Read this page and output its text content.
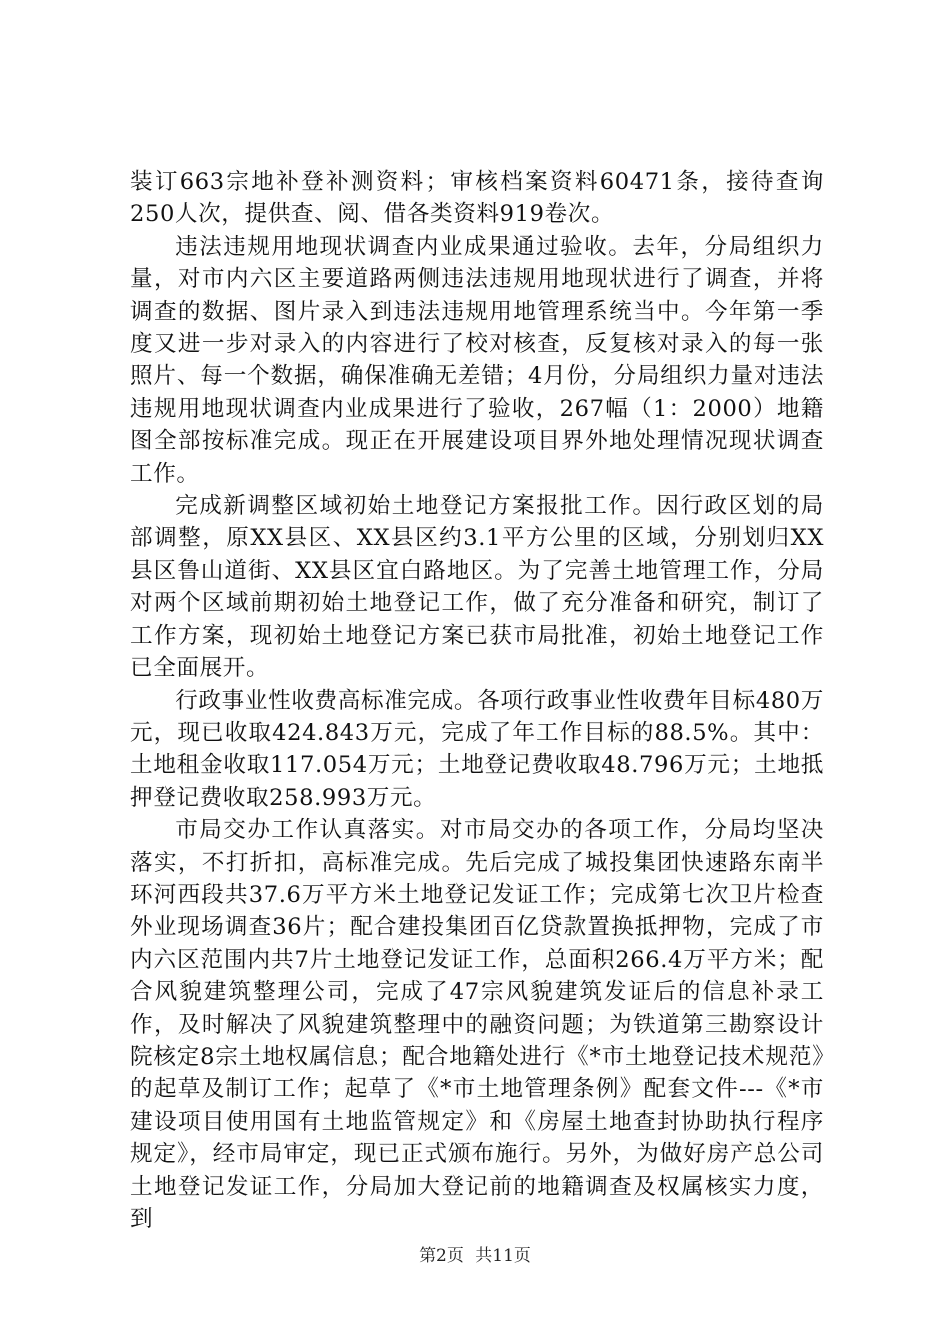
装订663宗地补登补测资料；审核档案资料60471条，接待查询250人次，提供查、阅、借各类资料919卷次。

违法违规用地现状调查内业成果通过验收。去年，分局组织力量，对市内六区主要道路两侧违法违规用地现状进行了调查，并将调查的数据、图片录入到违法违规用地管理系统当中。今年第一季度又进一步对录入的内容进行了校对核查，反复核对录入的每一张照片、每一个数据，确保准确无差错；4月份，分局组织力量对违法违规用地现状调查内业成果进行了验收，267幅（1：2000）地籍图全部按标准完成。现正在开展建设项目界外地处理情况现状调查工作。

完成新调整区域初始土地登记方案报批工作。因行政区划的局部调整，原XX县区、XX县区约3.1平方公里的区域，分别划归XX县区鲁山道街、XX县区宜白路地区。为了完善土地管理工作，分局对两个区域前期初始土地登记工作，做了充分准备和研究，制订了工作方案，现初始土地登记方案已获市局批准，初始土地登记工作已全面展开。

行政事业性收费高标准完成。各项行政事业性收费年目标480万元，现已收取424.843万元，完成了年工作目标的88.5%。其中：土地租金收取117.054万元；土地登记费收取48.796万元；土地抵押登记费收取258.993万元。

市局交办工作认真落实。对市局交办的各项工作，分局均坚决落实，不打折扣，高标准完成。先后完成了城投集团快速路东南半环河西段共37.6万平方米土地登记发证工作；完成第七次卫片检查外业现场调查36片；配合建投集团百亿贷款置换抵押物，完成了市内六区范围内共7片土地登记发证工作，总面积266.4万平方米；配合风貌建筑整理公司，完成了47宗风貌建筑发证后的信息补录工作，及时解决了风貌建筑整理中的融资问题；为铁道第三勘察设计院核定8宗土地权属信息；配合地籍处进行《*市土地登记技术规范》的起草及制订工作；起草了《*市土地管理条例》配套文件---《*市建设项目使用国有土地监管规定》和《房屋土地查封协助执行程序规定》，经市局审定，现已正式颁布施行。另外，为做好房产总公司土地登记发证工作，分局加大登记前的地籍调查及权属核实力度，到

第2页 共11页
